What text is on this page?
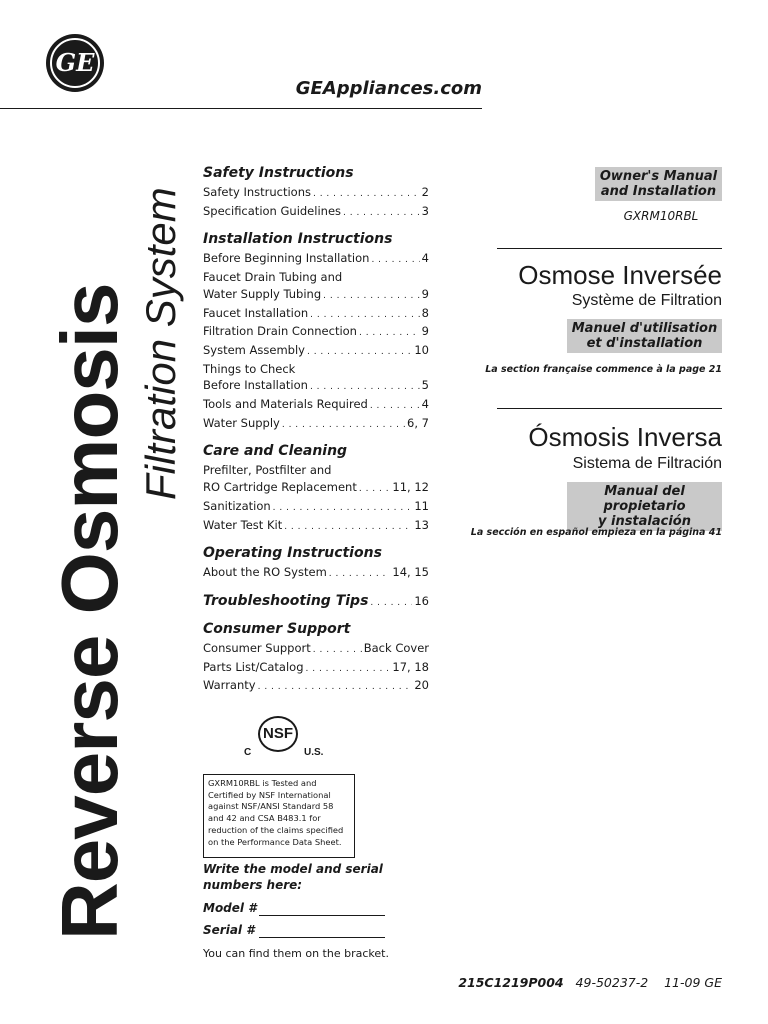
GE
GEAppliances.com
Reverse Osmosis Filtration System
Safety Instructions
Safety Instructions . . .	2
Specification Guidelines . . .	3
Installation Instructions
Before Beginning Installation . . .	4
Faucet Drain Tubing and
Water Supply Tubing . . .	9
Faucet Installation . . .	8
Filtration Drain Connection . . .	9
System Assembly . . .	10
Things to Check
Before Installation . . .	5
Tools and Materials Required . . .	4
Water Supply . . .	6, 7
Care and Cleaning
Prefilter, Postfilter and
RO Cartridge Replacement . . .	11, 12
Sanitization . . .	11
Water Test Kit . . .	13
Operating Instructions
About the RO System . . .	14, 15
Troubleshooting Tips . . .	16
Consumer Support
Consumer Support . . .	Back Cover
Parts List/Catalog . . .	17, 18
Warranty . . .	20
NSF
C	U.S.
GXRM10RBL is Tested and Certified by NSF International against NSF/ANSI Standard 58 and 42 and CSA B483.1 for reduction of the claims specified on the Performance Data Sheet.
Write the model and serial numbers here:
Model #
Serial #
You can find them on the bracket.
Owner's Manual
and Installation
GXRM10RBL
Osmose Inversée
Système de Filtration
Manuel d'utilisation
et d'installation
La section française commence à la page 21
Ósmosis Inversa
Sistema de Filtración
Manual del propietario
y instalación
La sección en español empieza en la página 41
215C1219P004 49-50237-2 11-09 GE
